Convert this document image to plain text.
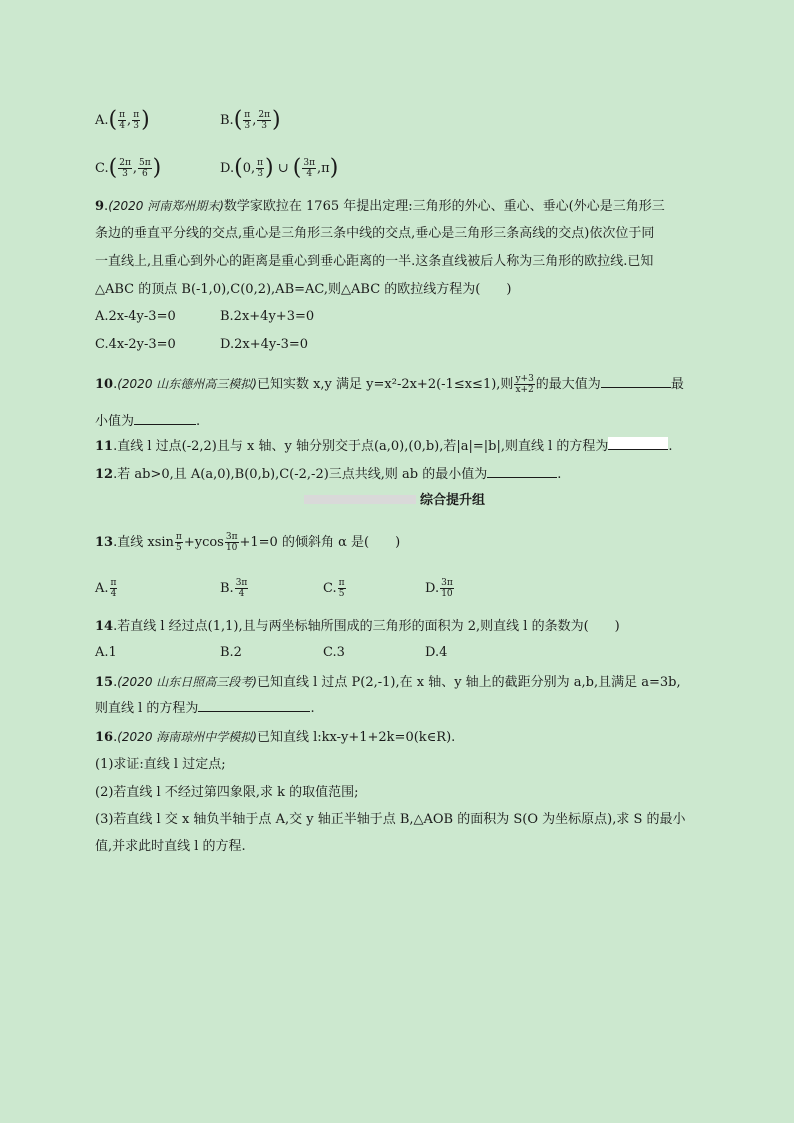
$A.( \frac{\pi}{4}$ , $\frac{\pi}{3}$ )	$B.( \frac{\pi}{3}$ , $\frac{2\pi}{3}$ )
$C.( \frac{2\pi}{3}$ , $\frac{5\pi}{6}$ )	D.(0, $\frac{\pi}{3}$ ) ∪ ( $\frac{3\pi}{4} ,\pi$)
9.(2020 河南郑州期末)数学家欧拉在 1765 年提出定理:三角形的外心、重心、垂心(外心是三角形三
条边的垂直平分线的交点,重心是三角形三条中线的交点,垂心是三角形三条高线的交点)依次位于同
一直线上,且重心到外心的距离是重心到垂心距离的一半.这条直线被后人称为三角形的欧拉线.已知
△ABC 的顶点 B(-1,0),C(0,2),AB=AC,则△ABC 的欧拉线方程为(　　)
A.2x-4y-3=0	B.2x+4y+3=0
C.4x-2y-3=0	D.2x+4y-3=0
10.(2020 山东德州高三模拟)已知实数 x,y 满足 y=x²-2x+2(-1≤x≤1),则 $\frac{y+3}{x+2}$ 的最大值为	最
小值为	.
11.直线 l 过点(-2,2)且与 x 轴、y 轴分别交于点(a,0),(0,b),若|a|=|b|,则直线 l 的方程为	.
12.若 ab>0,且 A(a,0),B(0,b),C(-2,-2)三点共线,则 ab 的最小值为	.
综合提升组
13.直线 xsin $\frac{\pi}{5} +ycos \frac{3\pi}{10} +1=0$ 的倾斜角 α 是(　　)
A. $\frac{\pi}{4}$	B. $\frac{3\pi}{4}$	C. $\frac{\pi}{5}$	D. $\frac{3\pi}{10}$
14.若直线 l 经过点(1,1),且与两坐标轴所围成的三角形的面积为 2,则直线 l 的条数为(　　)
A.1	B.2	C.3	D.4
15.(2020 山东日照高三段考)已知直线 l 过点 P(2,-1),在 x 轴、y 轴上的截距分别为 a,b,且满足 a=3b,
则直线 l 的方程为	.
16.(2020 海南琼州中学模拟)已知直线 l:kx-y+1+2k=0(k∈R).
(1)求证:直线 l 过定点;
(2)若直线 l 不经过第四象限,求 k 的取值范围;
(3)若直线 l 交 x 轴负半轴于点 A,交 y 轴正半轴于点 B,△AOB 的面积为 S(O 为坐标原点),求 S 的最小
值,并求此时直线 l 的方程.
